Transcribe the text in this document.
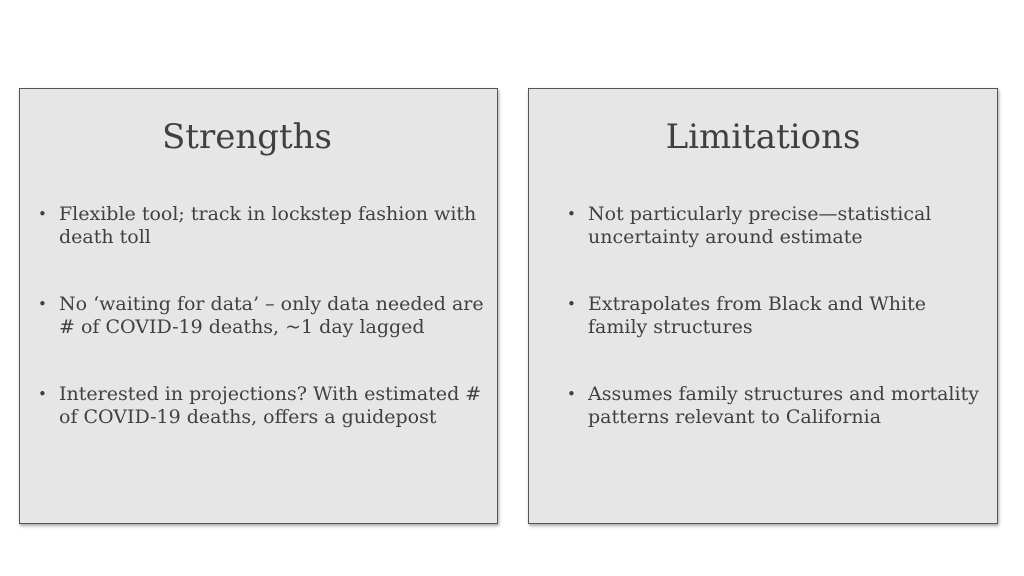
Strengths
• Flexible tool; track in lockstep fashion with death toll
• No ‘waiting for data’ – only data needed are # of COVID-19 deaths, ~1 day lagged
• Interested in projections? With estimated # of COVID-19 deaths, offers a guidepost
Limitations
• Not particularly precise—statistical uncertainty around estimate
• Extrapolates from Black and White family structures
• Assumes family structures and mortality patterns relevant to California
